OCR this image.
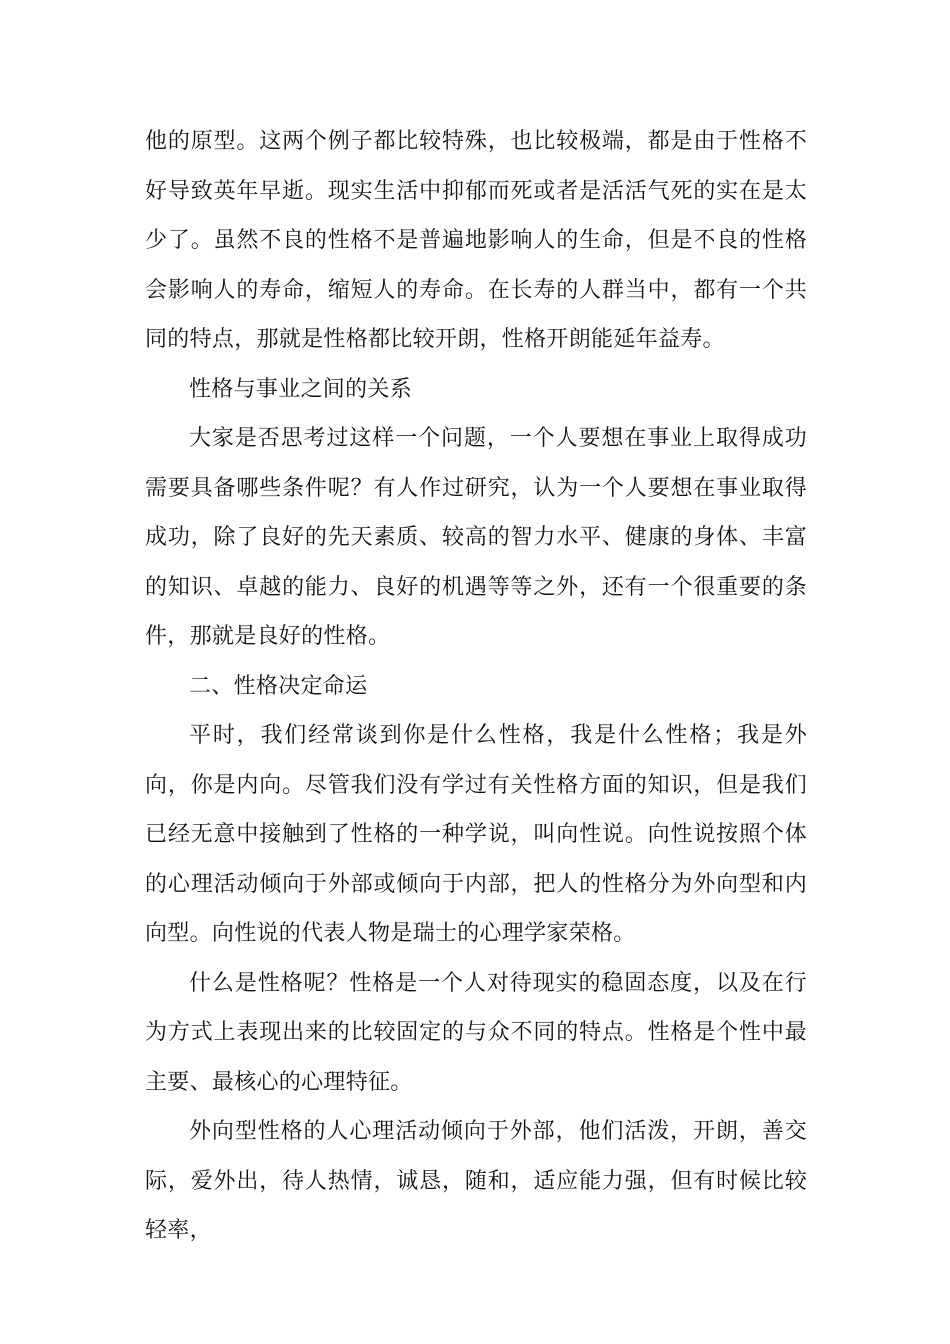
他的原型。这两个例子都比较特殊，也比较极端，都是由于性格不好导致英年早逝。现实生活中抑郁而死或者是活活气死的实在是太少了。虽然不良的性格不是普遍地影响人的生命，但是不良的性格会影响人的寿命，缩短人的寿命。在长寿的人群当中，都有一个共同的特点，那就是性格都比较开朗，性格开朗能延年益寿。

性格与事业之间的关系

大家是否思考过这样一个问题，一个人要想在事业上取得成功需要具备哪些条件呢？有人作过研究，认为一个人要想在事业取得成功，除了良好的先天素质、较高的智力水平、健康的身体、丰富的知识、卓越的能力、良好的机遇等等之外，还有一个很重要的条件，那就是良好的性格。

二、性格决定命运

平时，我们经常谈到你是什么性格，我是什么性格；我是外向，你是内向。尽管我们没有学过有关性格方面的知识，但是我们已经无意中接触到了性格的一种学说，叫向性说。向性说按照个体的心理活动倾向于外部或倾向于内部，把人的性格分为外向型和内向型。向性说的代表人物是瑞士的心理学家荣格。

什么是性格呢？性格是一个人对待现实的稳固态度，以及在行为方式上表现出来的比较固定的与众不同的特点。性格是个性中最主要、最核心的心理特征。

外向型性格的人心理活动倾向于外部，他们活泼，开朗，善交际，爱外出，待人热情，诚恳，随和，适应能力强，但有时候比较轻率，
